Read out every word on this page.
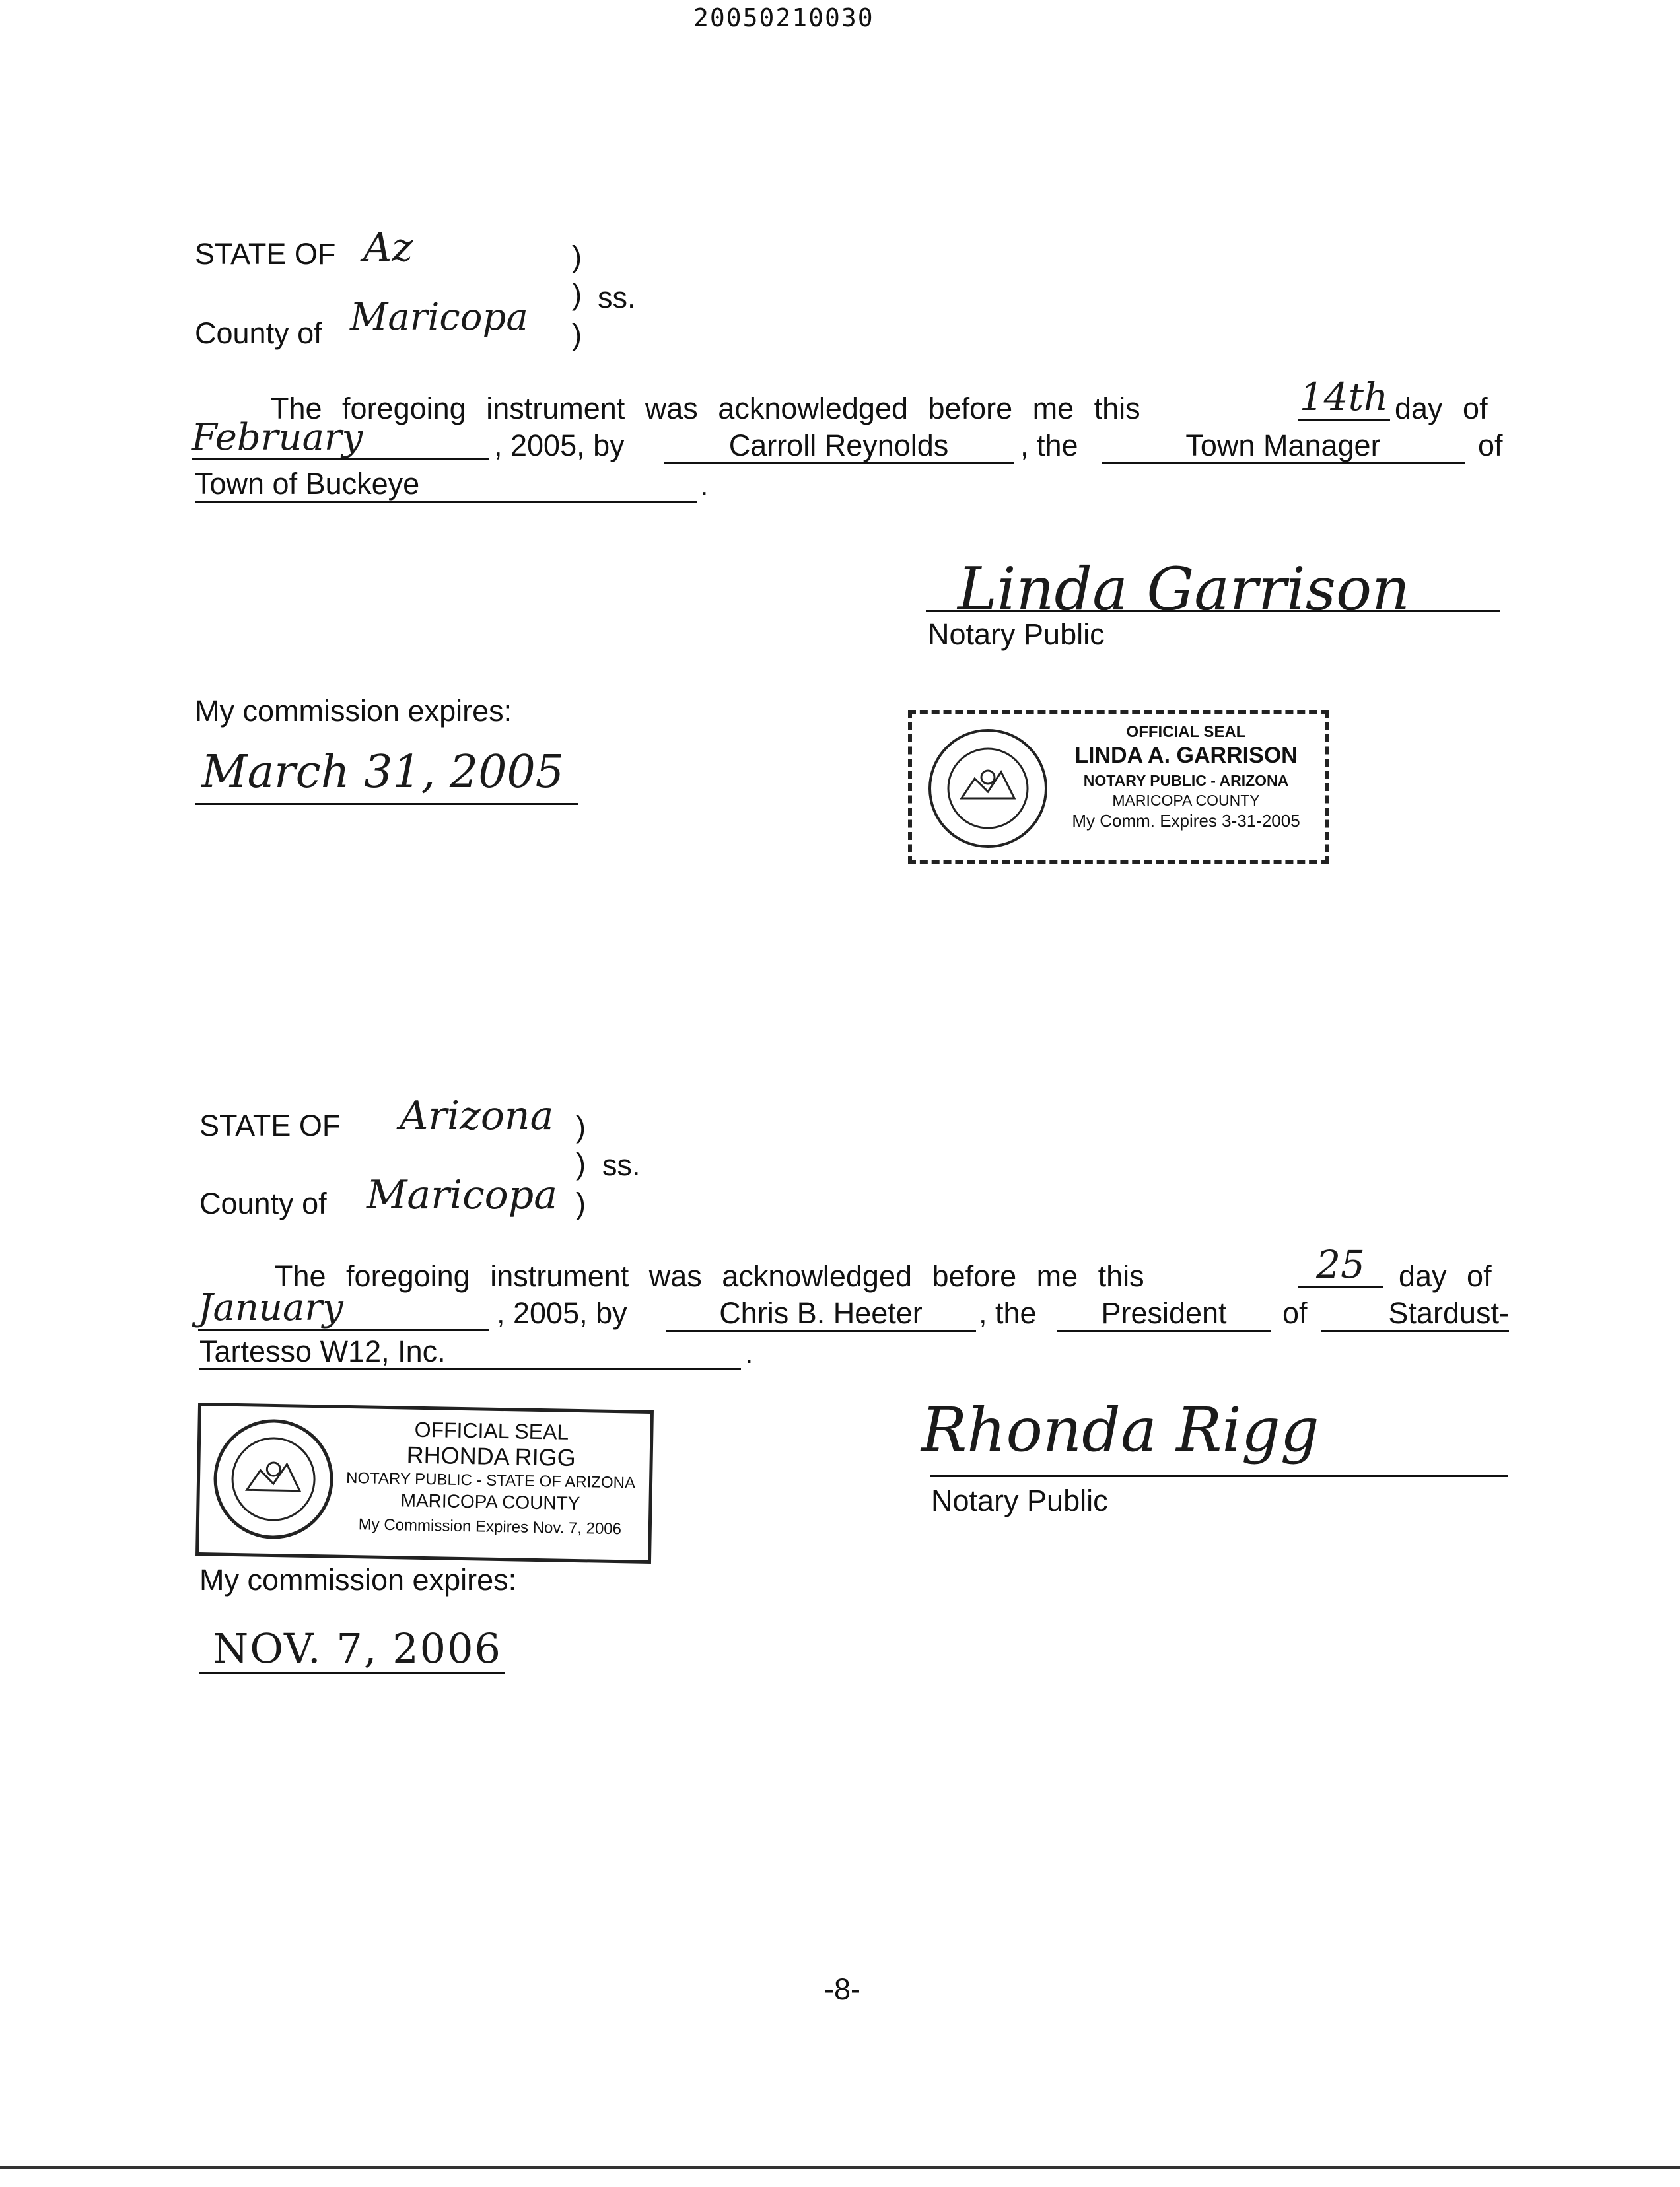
20050210030
STATE OF Az	)
)
)
ss.
County of Maricopa
The foregoing instrument was acknowledged before me this	14th day of
February	, 2005, by	Carroll Reynolds	, the	Town Manager	of
Town of Buckeye	.
Linda Garrison
Notary Public
My commission expires:
March 31, 2005
OFFICIAL SEAL
LINDA A. GARRISON
NOTARY PUBLIC - ARIZONA
MARICOPA COUNTY
My Comm. Expires 3-31-2005
STATE OF Arizona )
)
)
ss.
County of Maricopa
The foregoing instrument was acknowledged before me this	25	day of
January	, 2005, by	Chris B. Heeter	, the	President	of	Stardust-
Tartesso W12, Inc.	.
OFFICIAL SEAL
RHONDA RIGG
NOTARY PUBLIC - STATE OF ARIZONA
MARICOPA COUNTY
My Commission Expires Nov. 7, 2006
Rhonda Rigg
Notary Public
My commission expires:
NOV. 7, 2006
-8-
